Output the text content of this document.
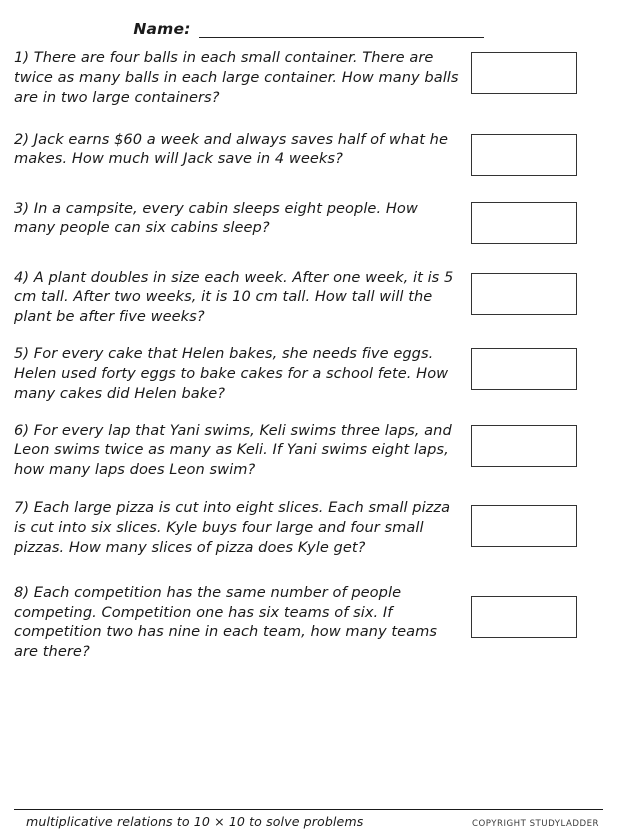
Name:
1) There are four balls in each small container. There are twice as many balls in each large container. How many balls are in two large containers?
2) Jack earns $60 a week and always saves half of what he makes. How much will Jack save in 4 weeks?
3) In a campsite, every cabin sleeps eight people. How many people can six cabins sleep?
4) A plant doubles in size each week. After one week, it is 5 cm tall. After two weeks, it is 10 cm tall. How tall will the plant be after five weeks?
5) For every cake that Helen bakes, she needs five eggs. Helen used forty eggs to bake cakes for a school fete. How many cakes did Helen bake?
6) For every lap that Yani swims, Keli swims three laps, and Leon swims twice as many as Keli. If Yani swims eight laps, how many laps does Leon swim?
7) Each large pizza is cut into eight slices. Each small pizza is cut into six slices. Kyle buys four large and four small pizzas. How many slices of pizza does Kyle get?
8) Each competition has the same number of people competing. Competition one has six teams of six. If competition two has nine in each team, how many teams are there?
multiplicative relations to 10 × 10 to solve problems	COPYRIGHT STUDYLADDER
